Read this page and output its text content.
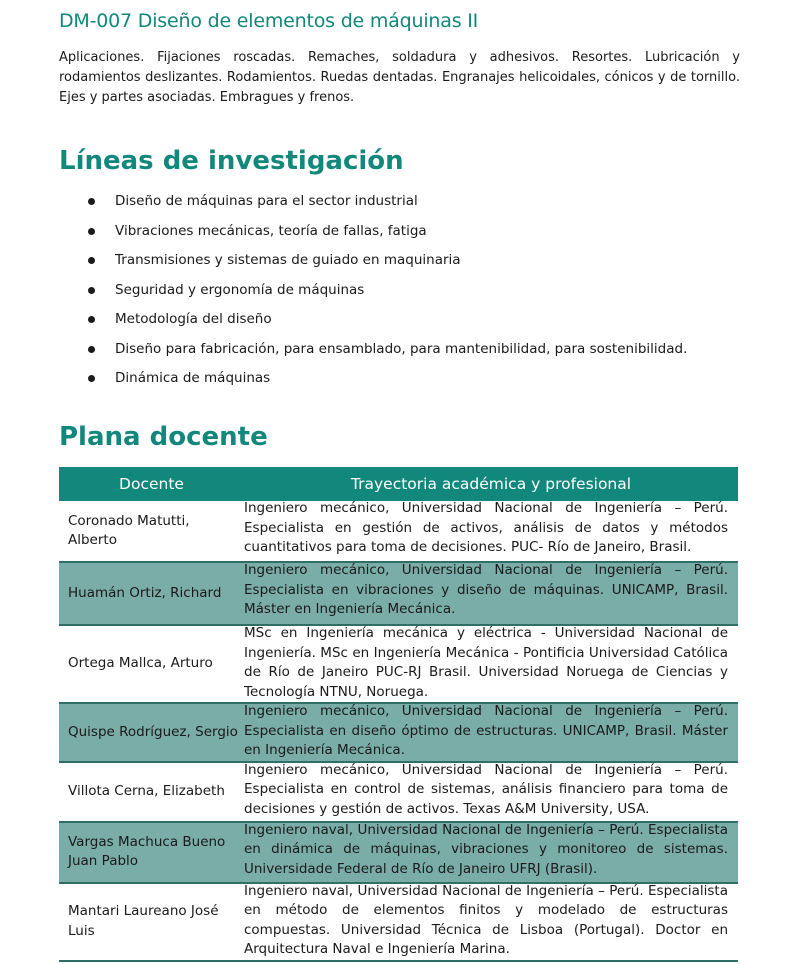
DM-007 Diseño de elementos de máquinas II

Aplicaciones. Fijaciones roscadas. Remaches, soldadura y adhesivos. Resortes. Lubricación y rodamientos deslizantes. Rodamientos. Ruedas dentadas. Engranajes helicoidales, cónicos y de tornillo. Ejes y partes asociadas. Embragues y frenos.

Líneas de investigación
Diseño de máquinas para el sector industrial
Vibraciones mecánicas, teoría de fallas, fatiga
Transmisiones y sistemas de guiado en maquinaria
Seguridad y ergonomía de máquinas
Metodología del diseño
Diseño para fabricación, para ensamblado, para mantenibilidad, para sostenibilidad.
Dinámica de máquinas
Plana docente
Docente	Trayectoria académica y profesional
Coronado Matutti, Alberto	Ingeniero mecánico, Universidad Nacional de Ingeniería – Perú. Especialista en gestión de activos, análisis de datos y métodos cuantitativos para toma de decisiones. PUC- Río de Janeiro, Brasil.

Huamán Ortiz, Richard	Ingeniero mecánico, Universidad Nacional de Ingeniería – Perú. Especialista en vibraciones y diseño de máquinas. UNICAMP, Brasil. Máster en Ingeniería Mecánica.

Ortega Mallca, Arturo	MSc en Ingeniería mecánica y eléctrica - Universidad Nacional de Ingeniería. MSc en Ingeniería Mecánica - Pontificia Universidad Católica de Río de Janeiro PUC-RJ Brasil. Universidad Noruega de Ciencias y Tecnología NTNU, Noruega.

Quispe Rodríguez, Sergio	Ingeniero mecánico, Universidad Nacional de Ingeniería – Perú. Especialista en diseño óptimo de estructuras. UNICAMP, Brasil. Máster en Ingeniería Mecánica.

Villota Cerna, Elizabeth	Ingeniero mecánico, Universidad Nacional de Ingeniería – Perú. Especialista en control de sistemas, análisis financiero para toma de decisiones y gestión de activos. Texas A&M University, USA.

Vargas Machuca Bueno Juan Pablo	Ingeniero naval, Universidad Nacional de Ingeniería – Perú. Especialista en dinámica de máquinas, vibraciones y monitoreo de sistemas. Universidade Federal de Río de Janeiro UFRJ (Brasil).

Mantari Laureano José Luis	Ingeniero naval, Universidad Nacional de Ingeniería – Perú. Especialista en método de elementos finitos y modelado de estructuras compuestas. Universidad Técnica de Lisboa (Portugal). Doctor en Arquitectura Naval e Ingeniería Marina.
